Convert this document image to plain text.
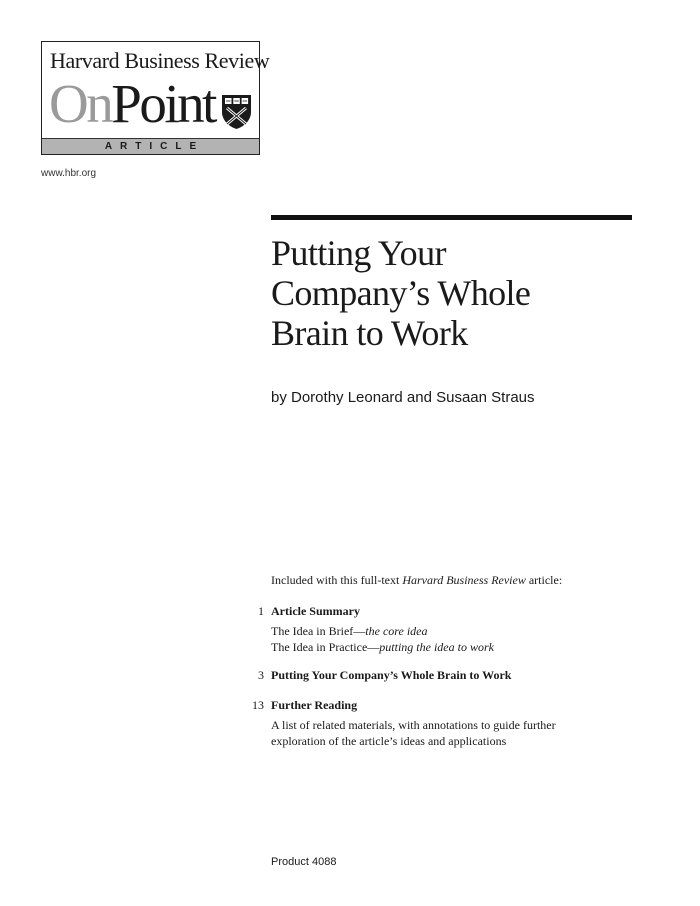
Harvard Business Review
OnPoint
ARTICLE
www.hbr.org
Putting Your
Company’s Whole
Brain to Work
by Dorothy Leonard and Susaan Straus
Included with this full-text Harvard Business Review article:
1 Article Summary
The Idea in Brief—the core idea
The Idea in Practice—putting the idea to work
3 Putting Your Company’s Whole Brain to Work
13 Further Reading
A list of related materials, with annotations to guide further
exploration of the article’s ideas and applications
Product 4088
